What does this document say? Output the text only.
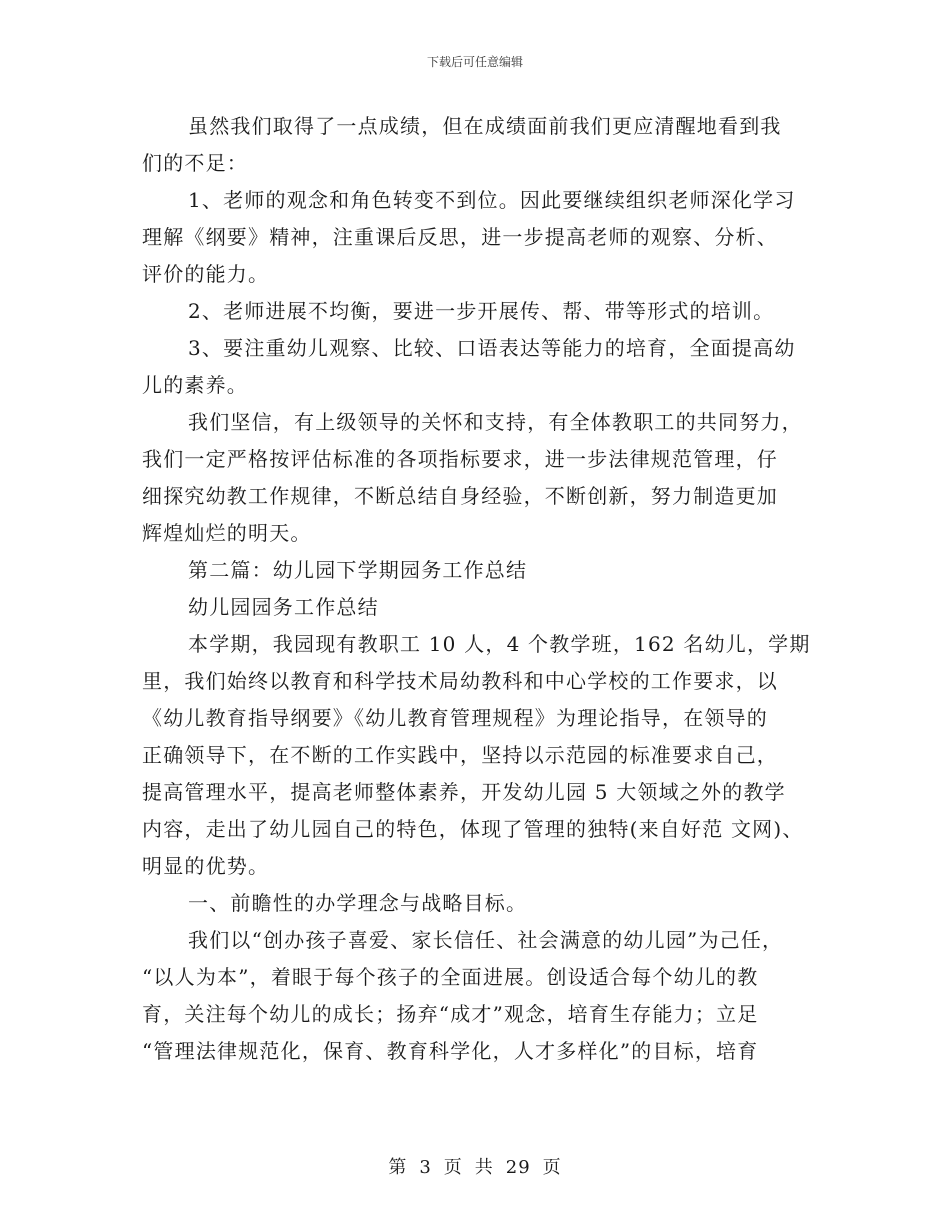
下载后可任意编辑
虽然我们取得了一点成绩，但在成绩面前我们更应清醒地看到我
们的不足：
1、老师的观念和角色转变不到位。因此要继续组织老师深化学习
理解《纲要》精神，注重课后反思，进一步提高老师的观察、分析、
评价的能力。
2、老师进展不均衡，要进一步开展传、帮、带等形式的培训。
3、要注重幼儿观察、比较、口语表达等能力的培育，全面提高幼
儿的素养。
我们坚信，有上级领导的关怀和支持，有全体教职工的共同努力，
我们一定严格按评估标准的各项指标要求，进一步法律规范管理，仔
细探究幼教工作规律，不断总结自身经验，不断创新，努力制造更加
辉煌灿烂的明天。
第二篇：幼儿园下学期园务工作总结
幼儿园园务工作总结
本学期，我园现有教职工 10 人，4 个教学班，162 名幼儿，学期
里，我们始终以教育和科学技术局幼教科和中心学校的工作要求，以
《幼儿教育指导纲要》《幼儿教育管理规程》为理论指导，在领导的
正确领导下，在不断的工作实践中，坚持以示范园的标准要求自己，
提高管理水平，提高老师整体素养，开发幼儿园 5 大领域之外的教学
内容，走出了幼儿园自己的特色，体现了管理的独特(来自好范 文网)、
明显的优势。
一、前瞻性的办学理念与战略目标。
我们以“创办孩子喜爱、家长信任、社会满意的幼儿园”为己任，
“以人为本”，着眼于每个孩子的全面进展。创设适合每个幼儿的教
育，关注每个幼儿的成长；扬弃“成才”观念，培育生存能力；立足
“管理法律规范化，保育、教育科学化，人才多样化”的目标，培育
第 3 页 共 29 页
